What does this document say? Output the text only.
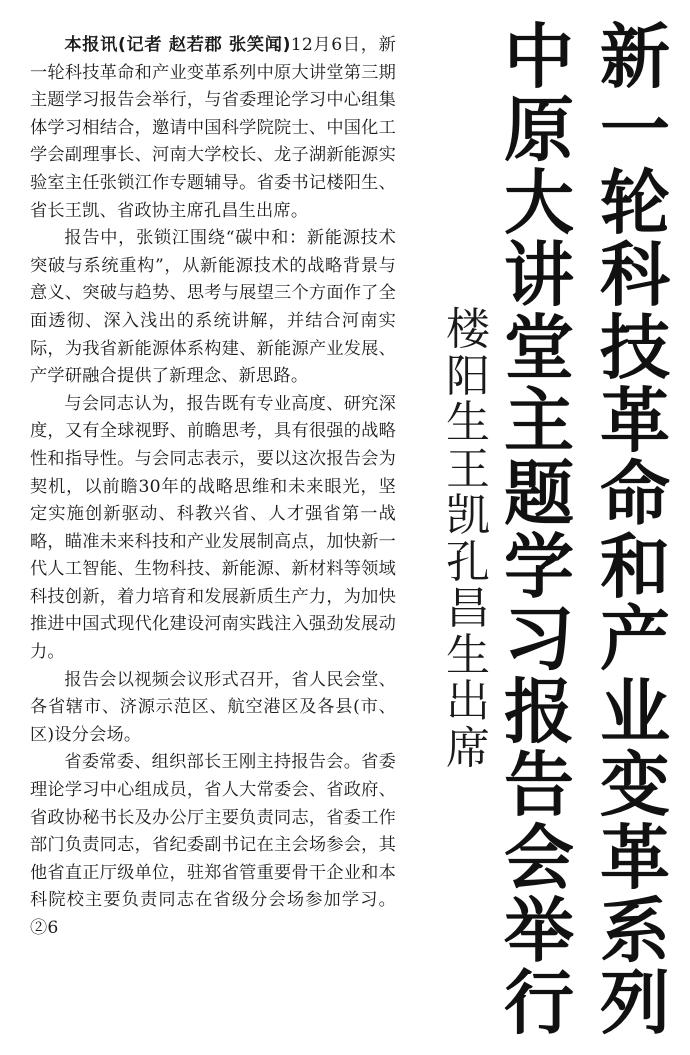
新
一
轮
科
技
革
命
和
产
业
变
革
系
列
中
原
大
讲
堂
主
题
学
习
报
告
会
举
行
楼
阳
生
王
凯
孔
昌
生
出
席

本报讯(记者 赵若郡 张笑闻)12月6日，新一轮科技革命和产业变革系列中原大讲堂第三期主题学习报告会举行，与省委理论学习中心组集体学习相结合，邀请中国科学院院士、中国化工学会副理事长、河南大学校长、龙子湖新能源实验室主任张锁江作专题辅导。省委书记楼阳生、省长王凯、省政协主席孔昌生出席。

报告中，张锁江围绕“碳中和：新能源技术突破与系统重构”，从新能源技术的战略背景与意义、突破与趋势、思考与展望三个方面作了全面透彻、深入浅出的系统讲解，并结合河南实际，为我省新能源体系构建、新能源产业发展、产学研融合提供了新理念、新思路。

与会同志认为，报告既有专业高度、研究深度，又有全球视野、前瞻思考，具有很强的战略性和指导性。与会同志表示，要以这次报告会为契机，以前瞻30年的战略思维和未来眼光，坚定实施创新驱动、科教兴省、人才强省第一战略，瞄准未来科技和产业发展制高点，加快新一代人工智能、生物科技、新能源、新材料等领域科技创新，着力培育和发展新质生产力，为加快推进中国式现代化建设河南实践注入强劲发展动力。

报告会以视频会议形式召开，省人民会堂、各省辖市、济源示范区、航空港区及各县(市、区)设分会场。

省委常委、组织部长王刚主持报告会。省委理论学习中心组成员，省人大常委会、省政府、省政协秘书长及办公厅主要负责同志，省委工作部门负责同志，省纪委副书记在主会场参会，其他省直正厅级单位，驻郑省管重要骨干企业和本科院校主要负责同志在省级分会场参加学习。②6
